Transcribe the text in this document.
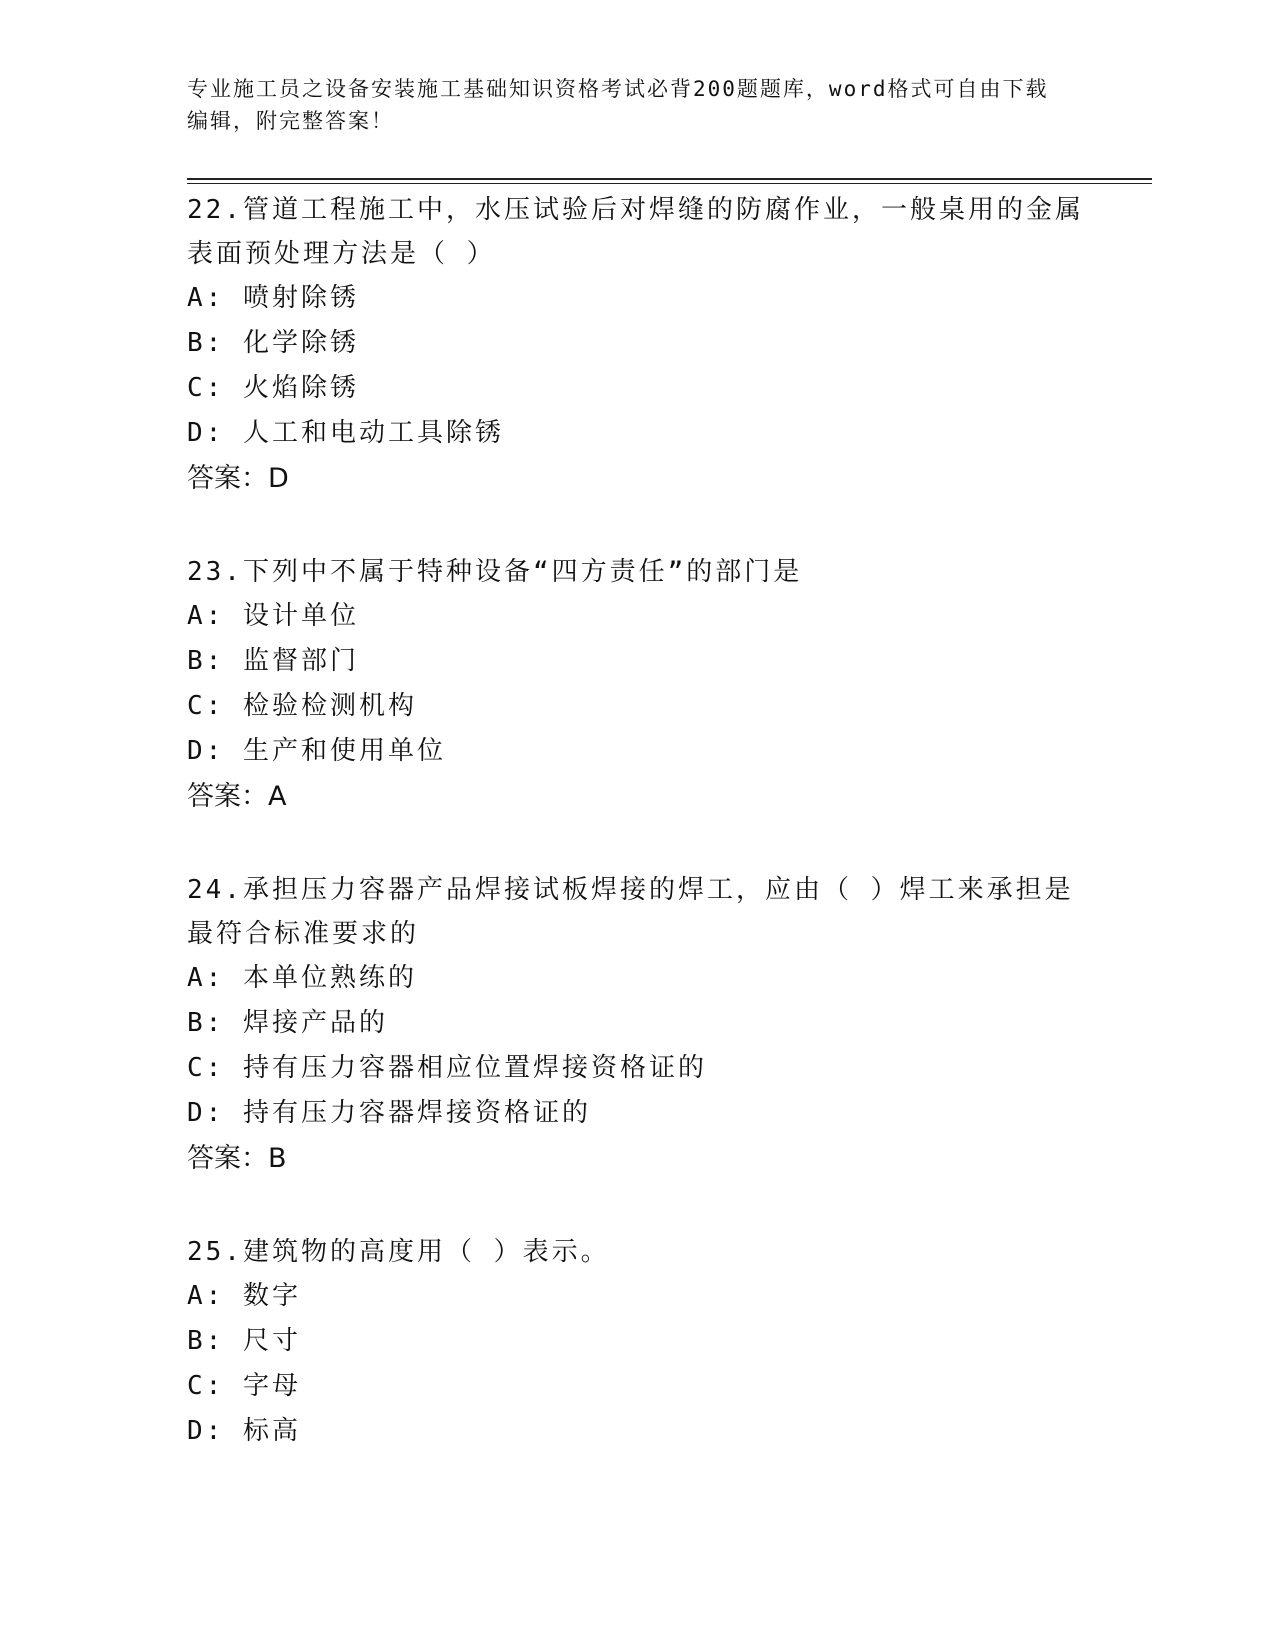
专业施工员之设备安装施工基础知识资格考试必背200题题库，word格式可自由下载编辑，附完整答案！
22.管道工程施工中，水压试验后对焊缝的防腐作业，一般桌用的金属表面预处理方法是（ ）
A: 喷射除锈
B: 化学除锈
C: 火焰除锈
D: 人工和电动工具除锈
答案：D
23.下列中不属于特种设备“四方责任”的部门是
A: 设计单位
B: 监督部门
C: 检验检测机构
D: 生产和使用单位
答案：A
24.承担压力容器产品焊接试板焊接的焊工，应由（ ）焊工来承担是最符合标准要求的
A: 本单位熟练的
B: 焊接产品的
C: 持有压力容器相应位置焊接资格证的
D: 持有压力容器焊接资格证的
答案：B
25.建筑物的高度用（ ）表示。
A: 数字
B: 尺寸
C: 字母
D: 标高
